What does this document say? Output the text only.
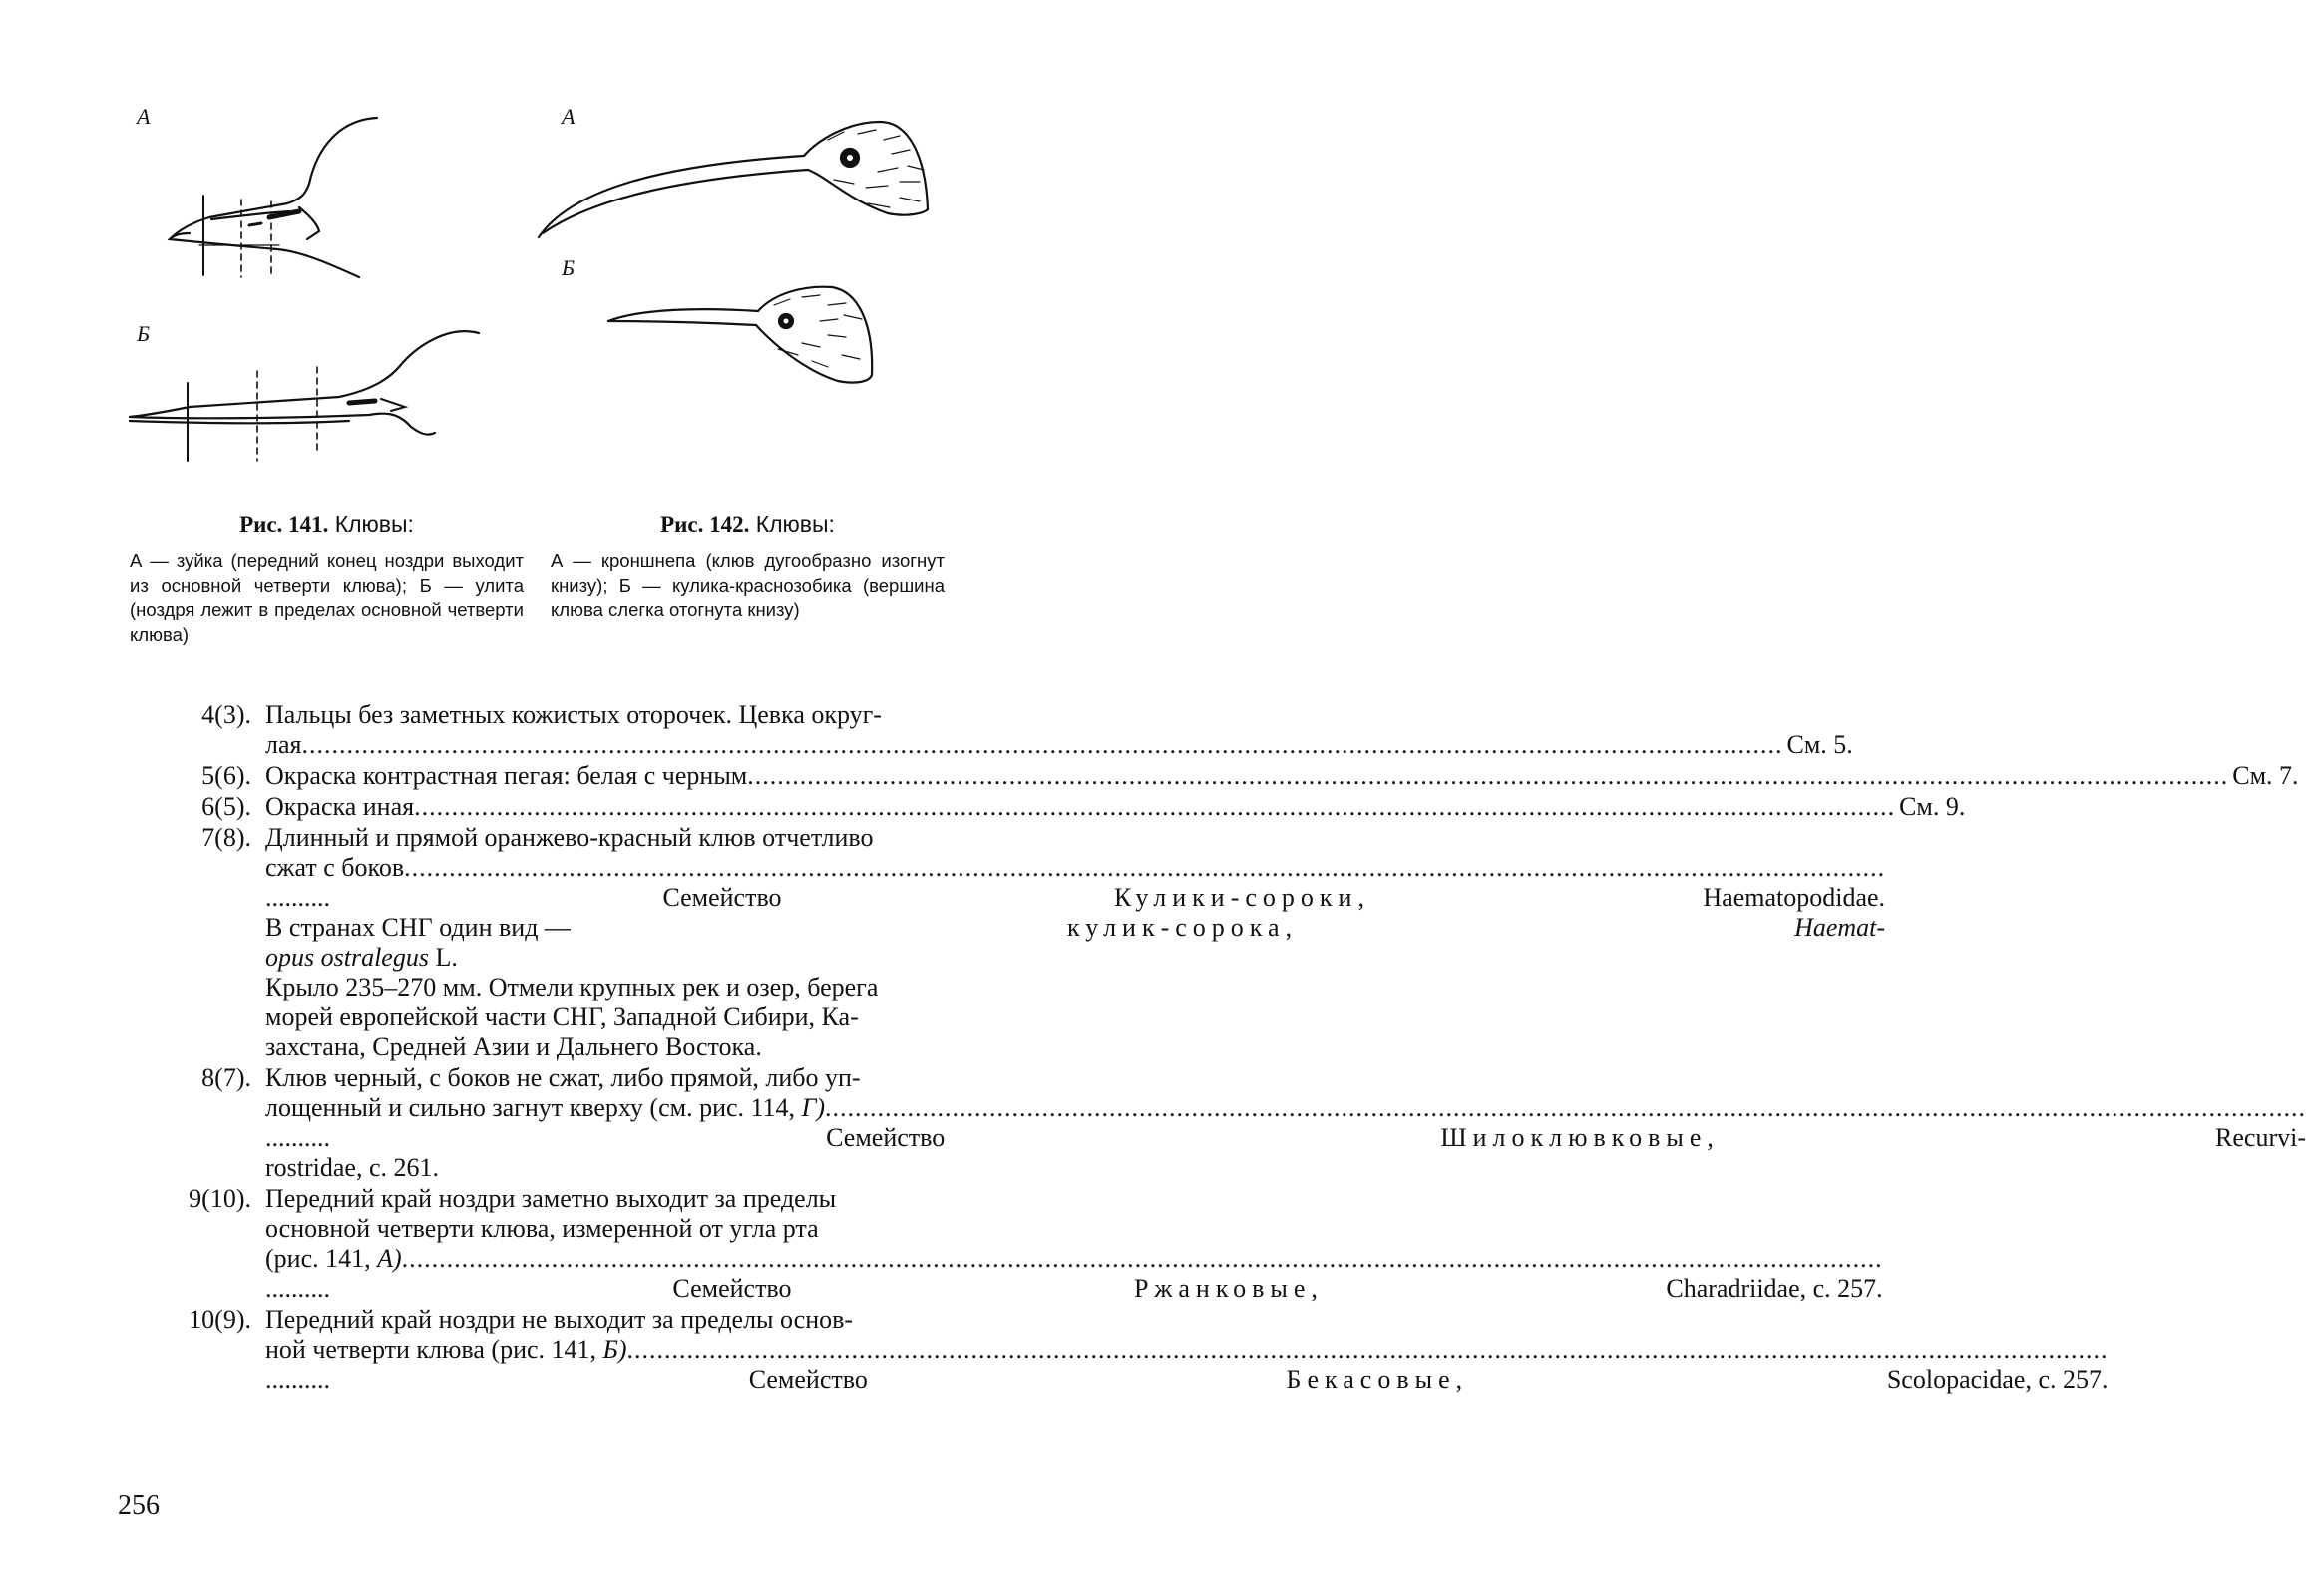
А
Б
А
Б
Рис. 141. Клювы:
А — зуйка (передний конец ноздри выходит из основной четверти клюва); Б — улита (ноздря лежит в пределах основной четверти клюва)
Рис. 142. Клювы:
А — кроншнепа (клюв дугообразно изогнут книзу); Б — кулика-краснозобика (вершина клюва слегка отогнута книзу)
4(3). Пальцы без заметных кожистых оторочек. Цевка округ-
лая .....	См. 5.
5(6). Окраска контрастная пегая: белая с черным .....	См. 7.
6(5). Окраска иная .....	См. 9.
7(8). Длинный и прямой оранжево-красный клюв отчетливо
сжат с боков
.....
..........	Семейство	Кулики-сороки,	Haematopodidae.
В странах СНГ один вид —	кулик-сорока,	Haemat-
opus ostralegus
L.
Крыло 235–270 мм. Отмели крупных рек и озер, берега
морей европейской части СНГ, Западной Сибири, Ка-
захстана, Средней Азии и Дальнего Востока.
8(7). Клюв черный, с боков не сжат, либо прямой, либо уп-
лощенный и сильно загнут кверху (см. рис. 114,
Г)
.....
..........	Семейство	Шилоклювковые,	Recurvi-
rostridae, с. 261.
9(10). Передний край ноздри заметно выходит за пределы
основной четверти клюва, измеренной от угла рта
(рис. 141,
А)
.....
..........	Семейство	Ржанковые,	Charadriidae, с. 257.
10(9). Передний край ноздри не выходит за пределы основ-
ной четверти клюва (рис. 141,
Б)
.....
..........	Семейство	Бекасовые,	Scolopacidae, с. 257.
256
